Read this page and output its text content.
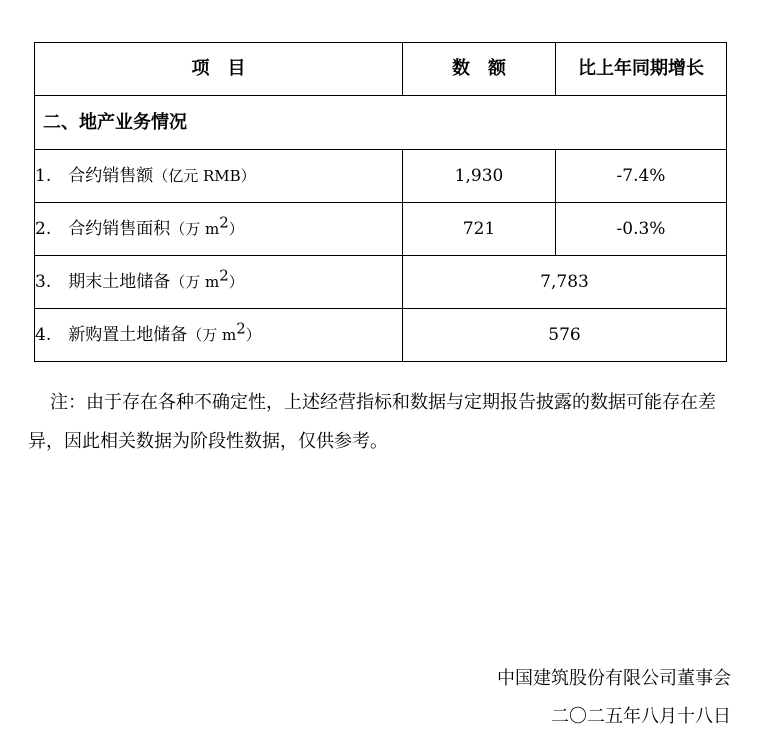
项　目	数　额	比上年同期增长
二、地产业务情况		
1.　 合约销售额（亿元 RMB）	1,930	-7.4%
2.　 合约销售面积（万 $m^2$）	721	-0.3%
3.　 期末土地储备（万 $m^2$）	7,783	
4.　 新购置土地储备（万 $m^2$）	576	

注：由于存在各种不确定性，上述经营指标和数据与定期报告披露的数据可能存在差异，因此相关数据为阶段性数据，仅供参考。

中国建筑股份有限公司董事会
二〇二五年八月十八日
